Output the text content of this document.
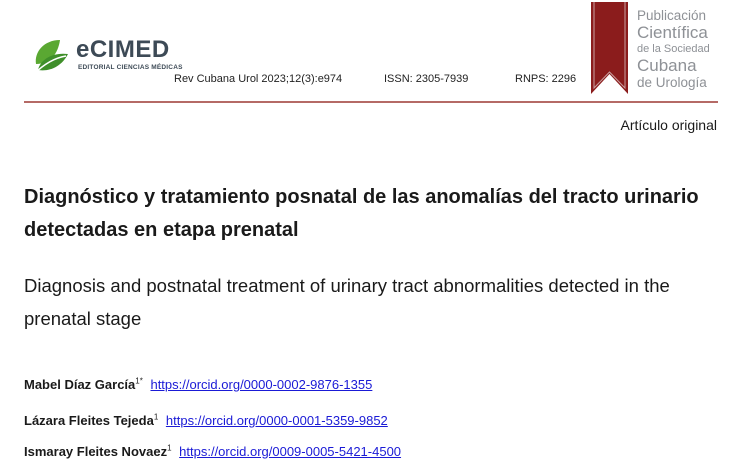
eCIMED
EDITORIAL CIENCIAS MÉDICAS
Rev Cubana Urol 2023;12(3):e974	ISSN: 2305-7939	RNPS: 2296
Publicación
Científica
de la Sociedad
Cubana
de Urología
Artículo original
Diagnóstico y tratamiento posnatal de las anomalías del tracto urinario detectadas en etapa prenatal
Diagnosis and postnatal treatment of urinary tract abnormalities detected in the prenatal stage
Mabel Díaz García$^{1*}$ https://orcid.org/0000-0002-9876-1355
Lázara Fleites Tejeda$^1$ https://orcid.org/0000-0001-5359-9852
Ismaray Fleites Novaez$^1$ https://orcid.org/0009-0005-5421-4500
